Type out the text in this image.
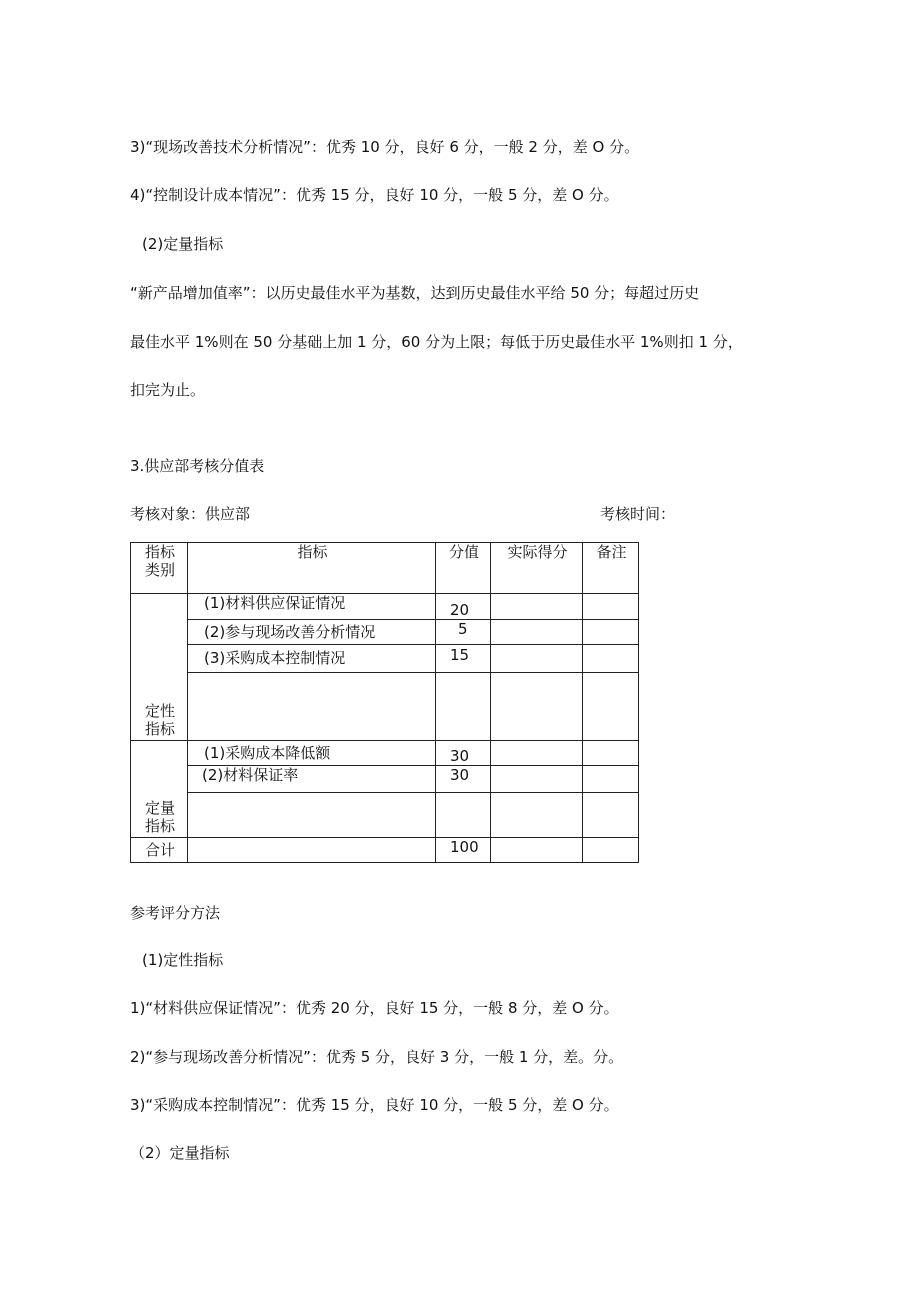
3)“现场改善技术分析情况”：优秀 10 分，良好 6 分，一般 2 分，差 O 分。
4)“控制设计成本情况”：优秀 15 分，良好 10 分，一般 5 分，差 O 分。
(2)定量指标
“新产品增加值率”：以历史最佳水平为基数，达到历史最佳水平给 50 分；每超过历史
最佳水平 1%则在 50 分基础上加 1 分，60 分为上限；每低于历史最佳水平 1%则扣 1 分，
扣完为止。
3.供应部考核分值表
考核对象：供应部	考核时间：
指标
类别	指标	分值	实际得分	备注

定性
指标	(1)材料供应保证情况	20		
	(2)参与现场改善分析情况	5		
	(3)采购成本控制情况	15		

定量
指标	(1)采购成本降低额	30		
	(2)材料保证率	30		

合计		100		
参考评分方法
(1)定性指标
1)“材料供应保证情况”：优秀 20 分，良好 15 分，一般 8 分，差 O 分。
2)“参与现场改善分析情况”：优秀 5 分，良好 3 分，一般 1 分，差。分。
3)“采购成本控制情况”：优秀 15 分，良好 10 分，一般 5 分，差 O 分。
（2）定量指标
